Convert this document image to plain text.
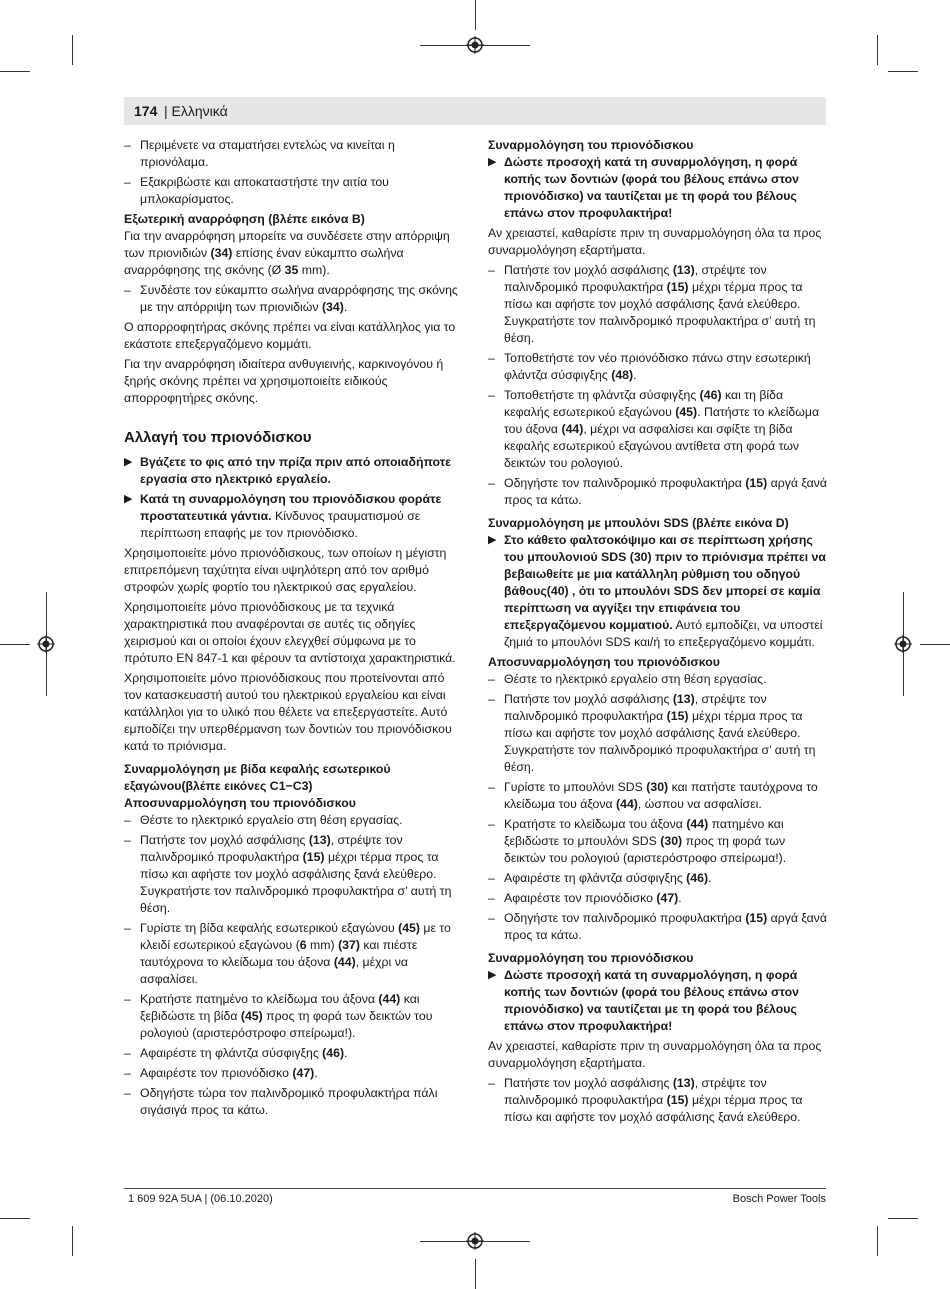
174 | Ελληνικά
– Περιμένετε να σταματήσει εντελώς να κινείται η πριονόλαμα.
– Εξακριβώστε και αποκαταστήστε την αιτία του μπλοκαρίσματος.
Εξωτερική αναρρόφηση (βλέπε εικόνα B)
Για την αναρρόφηση μπορείτε να συνδέσετε στην απόρριψη των πριονιδιών (34) επίσης έναν εύκαμπτο σωλήνα αναρρόφησης της σκόνης (Ø 35 mm).
– Συνδέστε τον εύκαμπτο σωλήνα αναρρόφησης της σκόνης με την απόρριψη των πριονιδιών (34).
Ο απορροφητήρας σκόνης πρέπει να είναι κατάλληλος για το εκάστοτε επεξεργαζόμενο κομμάτι.
Για την αναρρόφηση ιδιαίτερα ανθυγιεινής, καρκινογόνου ή ξηρής σκόνης πρέπει να χρησιμοποιείτε ειδικούς απορροφητήρες σκόνης.
Αλλαγή του πριονόδισκου
▶ Βγάζετε το φις από την πρίζα πριν από οποιαδήποτε εργασία στο ηλεκτρικό εργαλείο.
▶ Κατά τη συναρμολόγηση του πριονόδισκου φοράτε προστατευτικά γάντια. Κίνδυνος τραυματισμού σε περίπτωση επαφής με τον πριονόδισκο.
Χρησιμοποιείτε μόνο πριονόδισκους, των οποίων η μέγιστη επιτρεπόμενη ταχύτητα είναι υψηλότερη από τον αριθμό στροφών χωρίς φορτίο του ηλεκτρικού σας εργαλείου.
Χρησιμοποιείτε μόνο πριονόδισκους με τα τεχνικά χαρακτηριστικά που αναφέρονται σε αυτές τις οδηγίες χειρισμού και οι οποίοι έχουν ελεγχθεί σύμφωνα με το πρότυπο EN 847-1 και φέρουν τα αντίστοιχα χαρακτηριστικά.
Χρησιμοποιείτε μόνο πριονόδισκους που προτείνονται από τον κατασκευαστή αυτού του ηλεκτρικού εργαλείου και είναι κατάλληλοι για το υλικό που θέλετε να επεξεργαστείτε. Αυτό εμποδίζει την υπερθέρμανση των δοντιών του πριονόδισκου κατά το πριόνισμα.
Συναρμολόγηση με βίδα κεφαλής εσωτερικού εξαγώνου(βλέπε εικόνες C1−C3)
Αποσυναρμολόγηση του πριονόδισκου
– Θέστε το ηλεκτρικό εργαλείο στη θέση εργασίας.
– Πατήστε τον μοχλό ασφάλισης (13), στρέψτε τον παλινδρομικό προφυλακτήρα (15) μέχρι τέρμα προς τα πίσω και αφήστε τον μοχλό ασφάλισης ξανά ελεύθερο. Συγκρατήστε τον παλινδρομικό προφυλακτήρα σ’ αυτή τη θέση.
– Γυρίστε τη βίδα κεφαλής εσωτερικού εξαγώνου (45) με το κλειδί εσωτερικού εξαγώνου (6 mm) (37) και πιέστε ταυτόχρονα το κλείδωμα του άξονα (44), μέχρι να ασφαλίσει.
– Κρατήστε πατημένο το κλείδωμα του άξονα (44) και ξεβιδώστε τη βίδα (45) προς τη φορά των δεικτών του ρολογιού (αριστερόστροφο σπείρωμα!).
– Αφαιρέστε τη φλάντζα σύσφιγξης (46).
– Αφαιρέστε τον πριονόδισκο (47).
– Οδηγήστε τώρα τον παλινδρομικό προφυλακτήρα πάλι σιγάσιγά προς τα κάτω.
Συναρμολόγηση του πριονόδισκου
▶ Δώστε προσοχή κατά τη συναρμολόγηση, η φορά κοπής των δοντιών (φορά του βέλους επάνω στον πριονόδισκο) να ταυτίζεται με τη φορά του βέλους επάνω στον προφυλακτήρα!
Αν χρειαστεί, καθαρίστε πριν τη συναρμολόγηση όλα τα προς συναρμολόγηση εξαρτήματα.
– Πατήστε τον μοχλό ασφάλισης (13), στρέψτε τον παλινδρομικό προφυλακτήρα (15) μέχρι τέρμα προς τα πίσω και αφήστε τον μοχλό ασφάλισης ξανά ελεύθερο. Συγκρατήστε τον παλινδρομικό προφυλακτήρα σ’ αυτή τη θέση.
– Τοποθετήστε τον νέο πριονόδισκο πάνω στην εσωτερική φλάντζα σύσφιγξης (48).
– Τοποθετήστε τη φλάντζα σύσφιγξης (46) και τη βίδα κεφαλής εσωτερικού εξαγώνου (45). Πατήστε το κλείδωμα του άξονα (44), μέχρι να ασφαλίσει και σφίξτε τη βίδα κεφαλής εσωτερικού εξαγώνου αντίθετα στη φορά των δεικτών του ρολογιού.
– Οδηγήστε τον παλινδρομικό προφυλακτήρα (15) αργά ξανά προς τα κάτω.
Συναρμολόγηση με μπουλόνι SDS (βλέπε εικόνα D)
▶ Στο κάθετο φαλτσοκόψιμο και σε περίπτωση χρήσης του μπουλονιού SDS (30) πριν το πριόνισμα πρέπει να βεβαιωθείτε με μια κατάλληλη ρύθμιση του οδηγού βάθους(40) , ότι το μπουλόνι SDS δεν μπορεί σε καμία περίπτωση να αγγίξει την επιφάνεια του επεξεργαζόμενου κομματιού. Αυτό εμποδίζει, να υποστεί ζημιά το μπουλόνι SDS και/ή το επεξεργαζόμενο κομμάτι.
Αποσυναρμολόγηση του πριονόδισκου
– Θέστε το ηλεκτρικό εργαλείο στη θέση εργασίας.
– Πατήστε τον μοχλό ασφάλισης (13), στρέψτε τον παλινδρομικό προφυλακτήρα (15) μέχρι τέρμα προς τα πίσω και αφήστε τον μοχλό ασφάλισης ξανά ελεύθερο. Συγκρατήστε τον παλινδρομικό προφυλακτήρα σ’ αυτή τη θέση.
– Γυρίστε το μπουλόνι SDS (30) και πατήστε ταυτόχρονα το κλείδωμα του άξονα (44), ώσπου να ασφαλίσει.
– Κρατήστε το κλείδωμα του άξονα (44) πατημένο και ξεβιδώστε το μπουλόνι SDS (30) προς τη φορά των δεικτών του ρολογιού (αριστερόστροφο σπείρωμα!).
– Αφαιρέστε τη φλάντζα σύσφιγξης (46).
– Αφαιρέστε τον πριονόδισκο (47).
– Οδηγήστε τον παλινδρομικό προφυλακτήρα (15) αργά ξανά προς τα κάτω.
Συναρμολόγηση του πριονόδισκου
▶ Δώστε προσοχή κατά τη συναρμολόγηση, η φορά κοπής των δοντιών (φορά του βέλους επάνω στον πριονόδισκο) να ταυτίζεται με τη φορά του βέλους επάνω στον προφυλακτήρα!
Αν χρειαστεί, καθαρίστε πριν τη συναρμολόγηση όλα τα προς συναρμολόγηση εξαρτήματα.
– Πατήστε τον μοχλό ασφάλισης (13), στρέψτε τον παλινδρομικό προφυλακτήρα (15) μέχρι τέρμα προς τα πίσω και αφήστε τον μοχλό ασφάλισης ξανά ελεύθερο.
1 609 92A 5UA | (06.10.2020)	Bosch Power Tools
